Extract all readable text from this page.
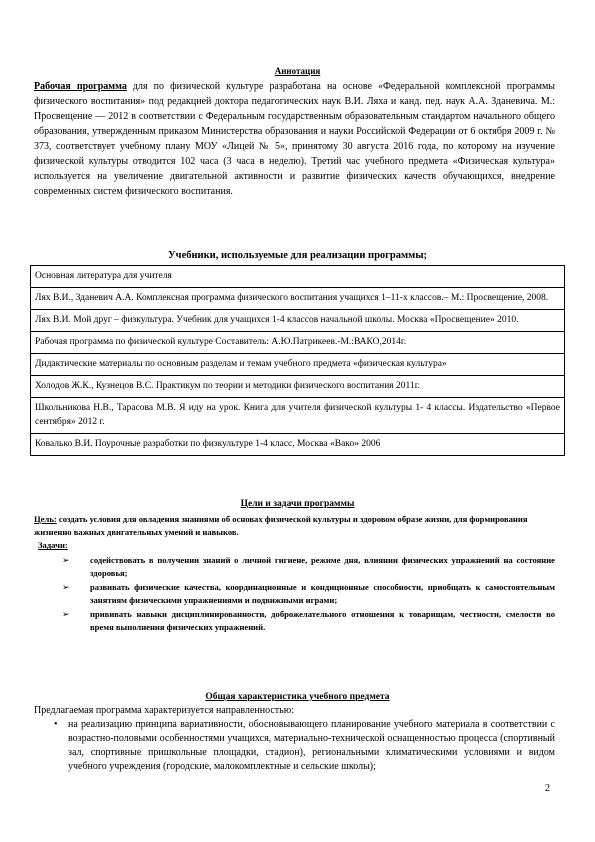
Аннотация
Рабочая программа для по физической культуре разработана на основе «Федеральной комплексной программы физического воспитания» под редакцией доктора педагогических наук В.И. Ляха и канд. пед. наук А.А. Зданевича. М.: Просвещение — 2012 в соответствии с Федеральным государственным образовательным стандартом начального общего образования, утвержденным приказом Министерства образования и науки Российской Федерации от 6 октября 2009 г. № 373, соответствует учебному плану МОУ «Лицей № 5», принятому 30 августа 2016 года, по которому на изучение физической культуры отводится 102 часа (3 часа в неделю). Третий час учебного предмета «Физическая культура» используется на увеличение двигательной активности и развитие физических качеств обучающихся, внедрение современных систем физического воспитания.
Учебники, используемые для реализации программы;
Основная литература для учителя
Лях В.И., Зданевич А.А. Комплексная программа физического воспитания учащихся 1–11-х классов.– М.: Просвещение, 2008.
Лях В.И. Мой друг – физкультура. Учебник для учащихся 1-4 классов начальной школы. Москва «Просвещение» 2010.
Рабочая программа по физической культуре Составитель: А.Ю.Патрикеев.-М.:ВАКО,2014г.
Дидактические материалы по основным разделам и темам учебного предмета «физическая культура»
Холодов Ж.К., Кузнецов В.С. Практикум по теории и методики физического воспитания 2011г.
Школьникова Н.В., Тарасова М.В. Я иду на урок. Книга для учителя физической культуры 1- 4 классы. Издательство «Первое сентября» 2012 г.
Ковалько В.И. Поурочные разработки по физкультуре 1-4 класс, Москва «Вако» 2006
Цели и задачи программы
Цель: создать условия для овладения знаниями об основах физической культуры и здоровом образе жизни, для формирования жизненно важных двигательных умений и навыков.
Задачи:
➢ содействовать в получении знаний о личной гигиене, режиме дня, влиянии физических упражнений на состояние здоровья;
➢ развивать физические качества, координационные и кондиционные способности, приобщать к самостоятельным занятиям физическими упражнениями и подвижными играми;
➢ прививать навыки дисциплинированности, доброжелательного отношения к товарищам, честности, смелости во время выполнения физических упражнений.
Общая характеристика учебного предмета
Предлагаемая программа характеризуется направленностью:
• на реализацию принципа вариативности, обосновывающего планирование учебного материала в соответствии с возрастно-половыми особенностями учащихся, материально-технической оснащенностью процесса (спортивный зал, спортивные пришкольные площадки, стадион), региональными климатическими условиями и видом учебного учреждения (городские, малокомплектные и сельские школы);
2
